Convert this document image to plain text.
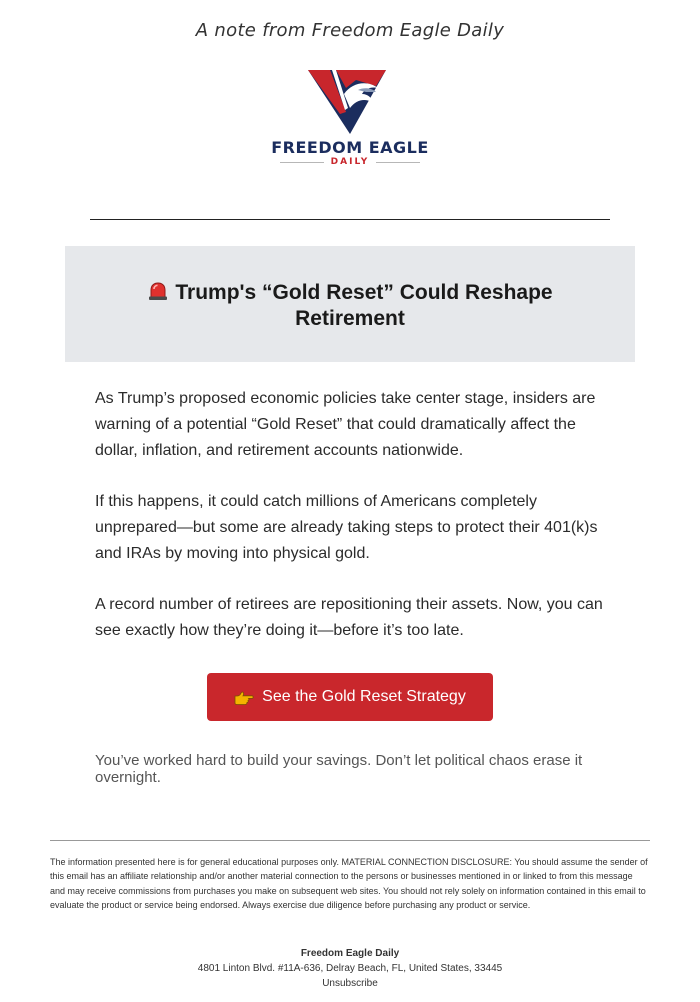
A note from Freedom Eagle Daily
FREEDOM EAGLE
DAILY
Trump's “Gold Reset” Could Reshape Retirement

As Trump’s proposed economic policies take center stage, insiders are warning of a potential “Gold Reset” that could dramatically affect the dollar, inflation, and retirement accounts nationwide.

If this happens, it could catch millions of Americans completely unprepared—but some are already taking steps to protect their 401(k)s and IRAs by moving into physical gold.

A record number of retirees are repositioning their assets. Now, you can see exactly how they’re doing it—before it’s too late.

See the Gold Reset Strategy

You’ve worked hard to build your savings. Don’t let political chaos erase it overnight.

The information presented here is for general educational purposes only. MATERIAL CONNECTION DISCLOSURE: You should assume the sender of this email has an affiliate relationship and/or another material connection to the persons or businesses mentioned in or linked to from this message and may receive commissions from purchases you make on subsequent web sites. You should not rely solely on information contained in this email to evaluate the product or service being endorsed. Always exercise due diligence before purchasing any product or service.

Freedom Eagle Daily
4801 Linton Blvd. #11A-636, Delray Beach, FL, United States, 33445
Unsubscribe
